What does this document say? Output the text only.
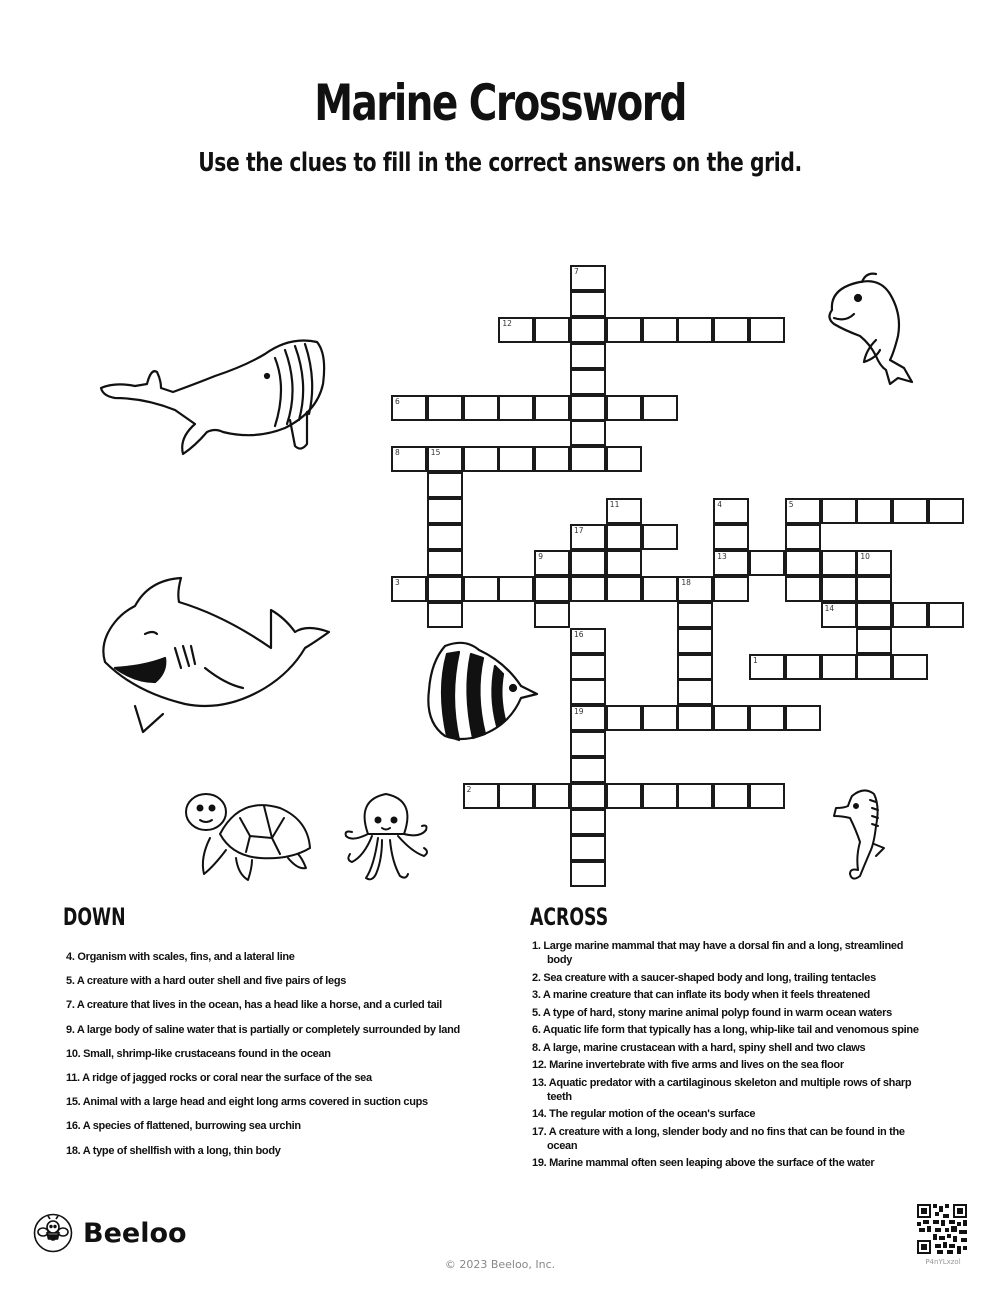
Marine Crossword

Use the clues to fill in the correct answers on the grid.

7
12
6
8	15
11	4
13
5
17
9	10
3	18
14
1
16
19
2
DOWN
4. Organism with scales, fins, and a lateral line
5. A creature with a hard outer shell and five pairs of legs
7. A creature that lives in the ocean, has a head like a horse, and a curled tail
9. A large body of saline water that is partially or completely surrounded by land
10. Small, shrimp-like crustaceans found in the ocean
11. A ridge of jagged rocks or coral near the surface of the sea
15. Animal with a large head and eight long arms covered in suction cups
16. A species of flattened, burrowing sea urchin
18. A type of shellfish with a long, thin body
ACROSS
1. Large marine mammal that may have a dorsal fin and a long, streamlined body
2. Sea creature with a saucer-shaped body and long, trailing tentacles
3. A marine creature that can inflate its body when it feels threatened
5. A type of hard, stony marine animal polyp found in warm ocean waters
6. Aquatic life form that typically has a long, whip-like tail and venomous spine
8. A large, marine crustacean with a hard, spiny shell and two claws
12. Marine invertebrate with five arms and lives on the sea floor
13. Aquatic predator with a cartilaginous skeleton and multiple rows of sharp teeth
14. The regular motion of the ocean's surface
17. A creature with a long, slender body and no fins that can be found in the ocean
19. Marine mammal often seen leaping above the surface of the water
Beeloo
© 2023 Beeloo, Inc.	P4nYLxzol
